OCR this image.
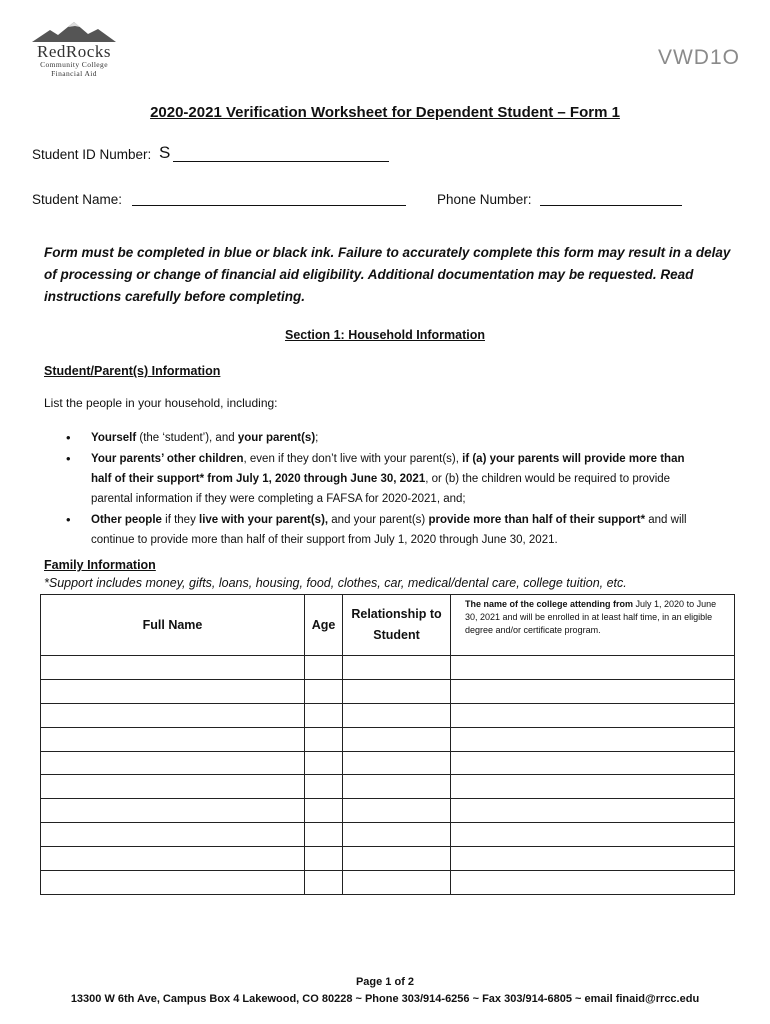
RedRocks
Community College
Financial Aid
VWD1O
2020-2021 Verification Worksheet for Dependent Student – Form 1
Student ID Number: S
Student Name:	Phone Number:
Form must be completed in blue or black ink. Failure to accurately complete this form may result in a delay of processing or change of financial aid eligibility. Additional documentation may be requested. Read instructions carefully before completing.
Section 1: Household Information
Student/Parent(s) Information
List the people in your household, including:
• Yourself (the ‘student’), and your parent(s);
• Your parents’ other children, even if they don’t live with your parent(s), if (a) your parents will provide more than half of their support* from July 1, 2020 through June 30, 2021, or (b) the children would be required to provide parental information if they were completing a FAFSA for 2020-2021, and;
• Other people if they live with your parent(s), and your parent(s) provide more than half of their support* and will continue to provide more than half of their support from July 1, 2020 through June 30, 2021.
Family Information
*Support includes money, gifts, loans, housing, food, clothes, car, medical/dental care, college tuition, etc.
Full Name	Age	Relationship to Student	The name of the college attending from July 1, 2020 to June 30, 2021 and will be enrolled in at least half time, in an eligible degree and/or certificate program.

Page 1 of 2
13300 W 6th Ave, Campus Box 4 Lakewood, CO 80228 ~ Phone 303/914-6256 ~ Fax 303/914-6805 ~ email finaid@rrcc.edu
